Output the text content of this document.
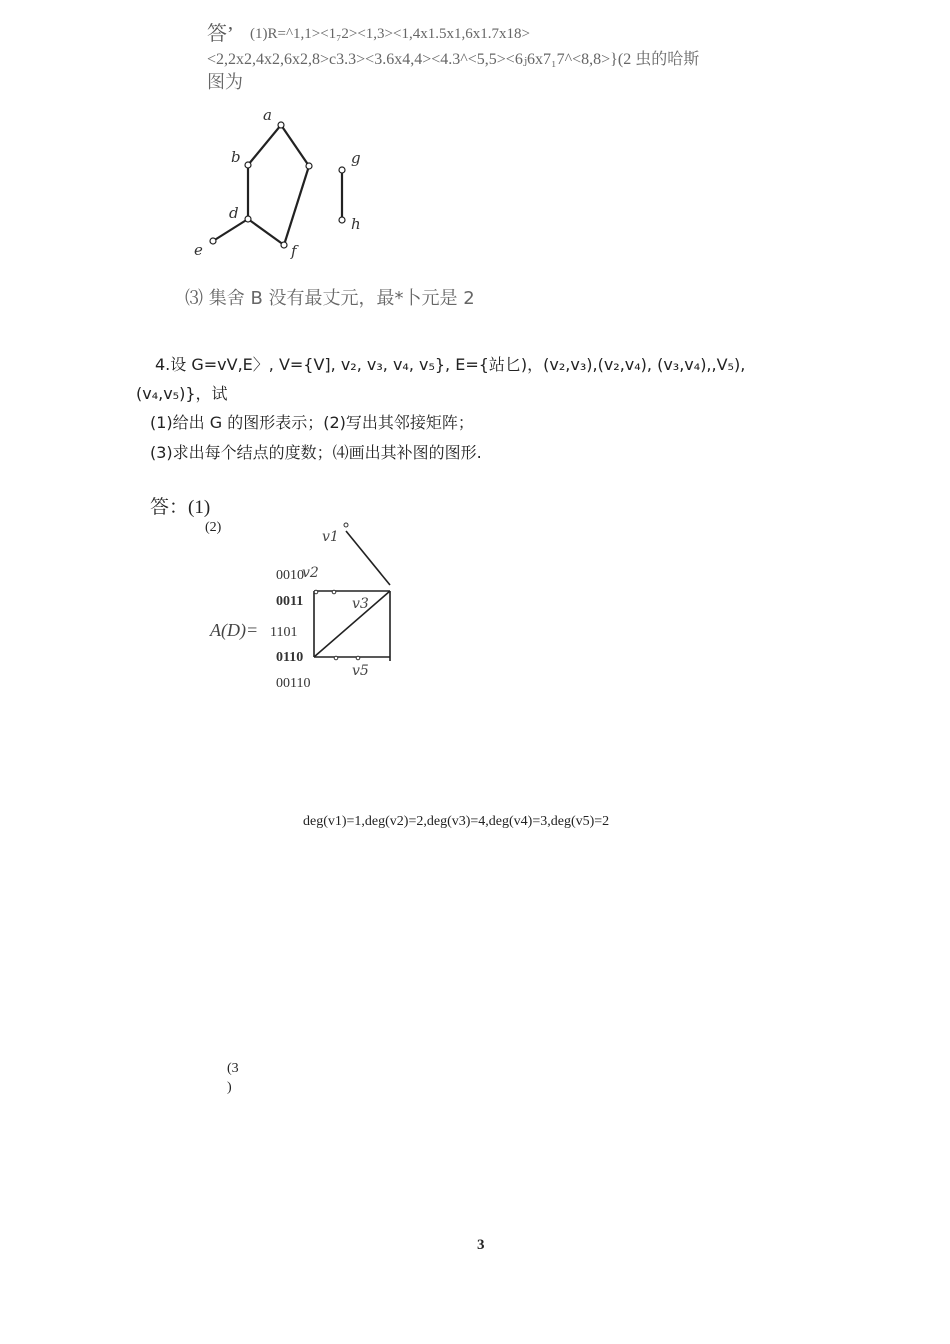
答’ (1)R=^1,1><1₇2><1,3><1,4x1.5x1,6x1.7x18>
<2,2x2,4x2,6x2,8>c3.3><3.6x4,4><4.3^<5,5><6ⱼ6x7₁7^<8,8>}(2 虫的哈斯
图为
a
b
d
e	f
g
h
⑶ 集舍 B 没有最丈元，最*卜元是 2
4.设 G=vV,E〉, V={V], v₂, v₃, v₄, v₅}, E={站匕)，(v₂,v₃),(v₂,v₄), (v₃,v₄),,V₅),
(v₄,v₅)}，试
(1)给出 G 的图形表示；(2)写出其邻接矩阵；
(3)求出每个结点的度数；⑷画出其补图的图形.
答：(1)
(2)
A(D)=
0010
0011
1101
0110
00110
v1
v2
v3
v5
deg(v1)=1,deg(v2)=2,deg(v3)=4,deg(v4)=3,deg(v5)=2
(3
)
3
